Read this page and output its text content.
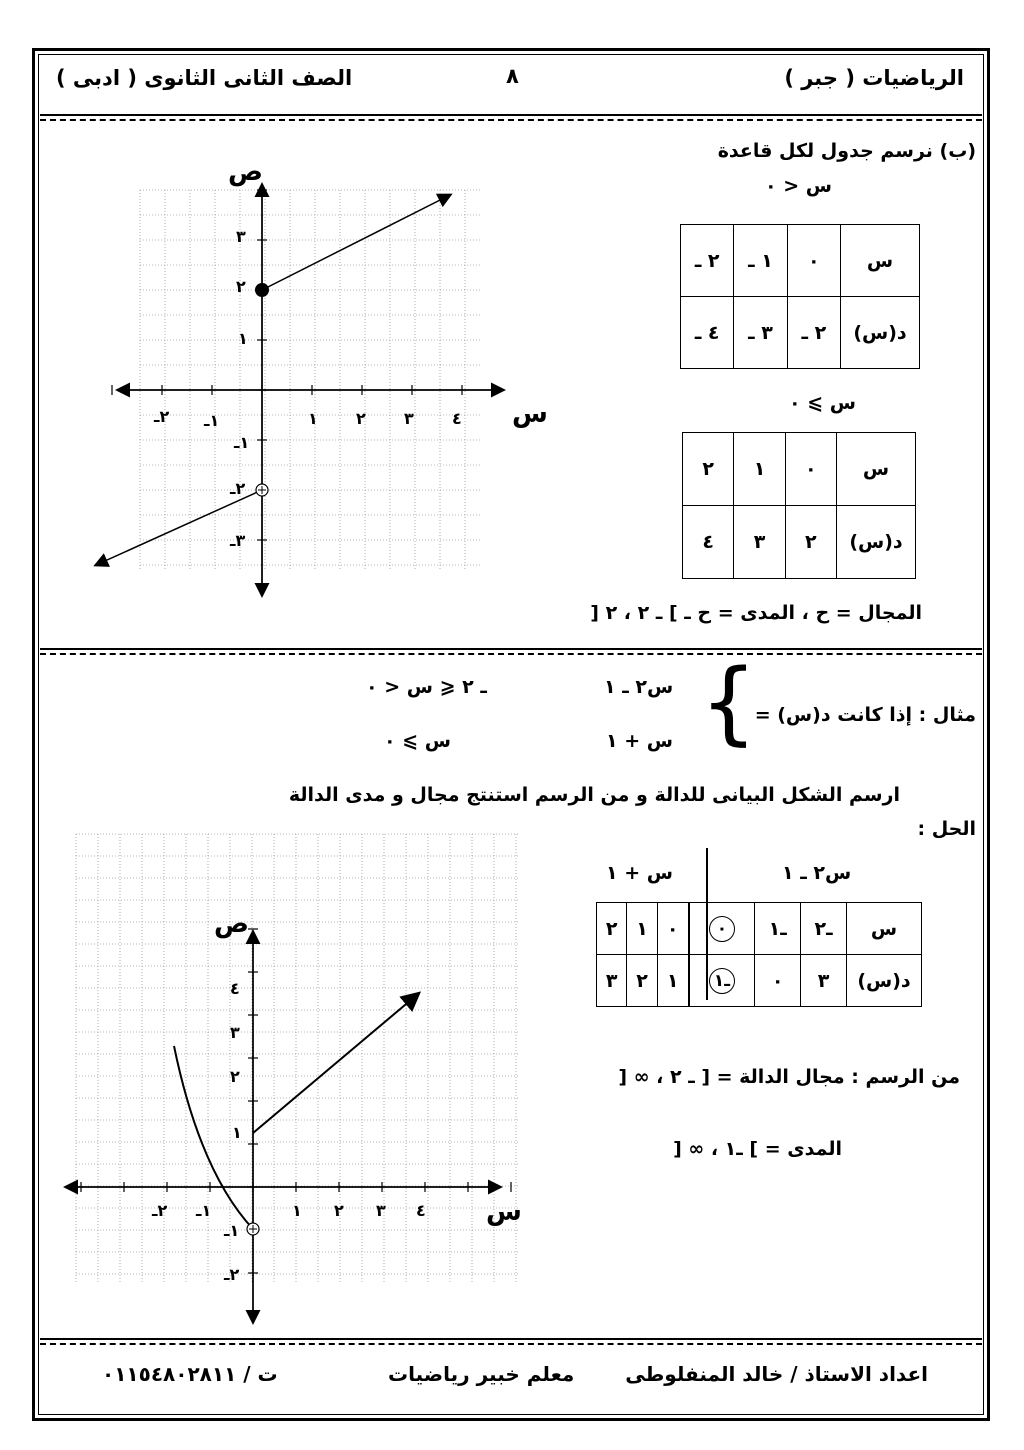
الرياضيات ( جبر )
٨
الصف الثانى الثانوى ( ادبى )
(ب) نرسم جدول لكل قاعدة
س < ٠
س	٠	١ ـ	٢ ـ
د(س)	٢ ـ	٣ ـ	٤ ـ
س ⩾ ٠
س	٠	١	٢
د(س)	٢	٣	٤
المجال = ح ، المدى = ح ـ ] ـ ٢ ، ٢ [
س
ص
٢ـ ١ـ	١ ٢ ٣ ٤
٣
٢
١
١ـ
٢ـ
٣ـ
مثال : إذا كانت د(س) =
{
س٢ ـ ١
ـ ٢ ⩽ س < ٠
س + ١
س ⩾ ٠
ارسم الشكل البيانى للدالة و من الرسم استنتج مجال و مدى الدالة
الحل :
س + ١	س٢ ـ ١
س	ـ٢	ـ١	٠	٠	١	٢
د(س)	٣	٠	ـ١	١	٢	٣
من الرسم : مجال الدالة = [ ـ ٢ ، ∞ [
المدى = ] ـ١ ، ∞ [
س
ص
٢ـ ١ـ	١ ٢ ٣ ٤
٤
٣
٢
١
١ـ
٢ـ
اعداد الاستاذ / خالد المنفلوطى
معلم خبير رياضيات
ت / ٠١١٥٤٨٠٢٨١١
